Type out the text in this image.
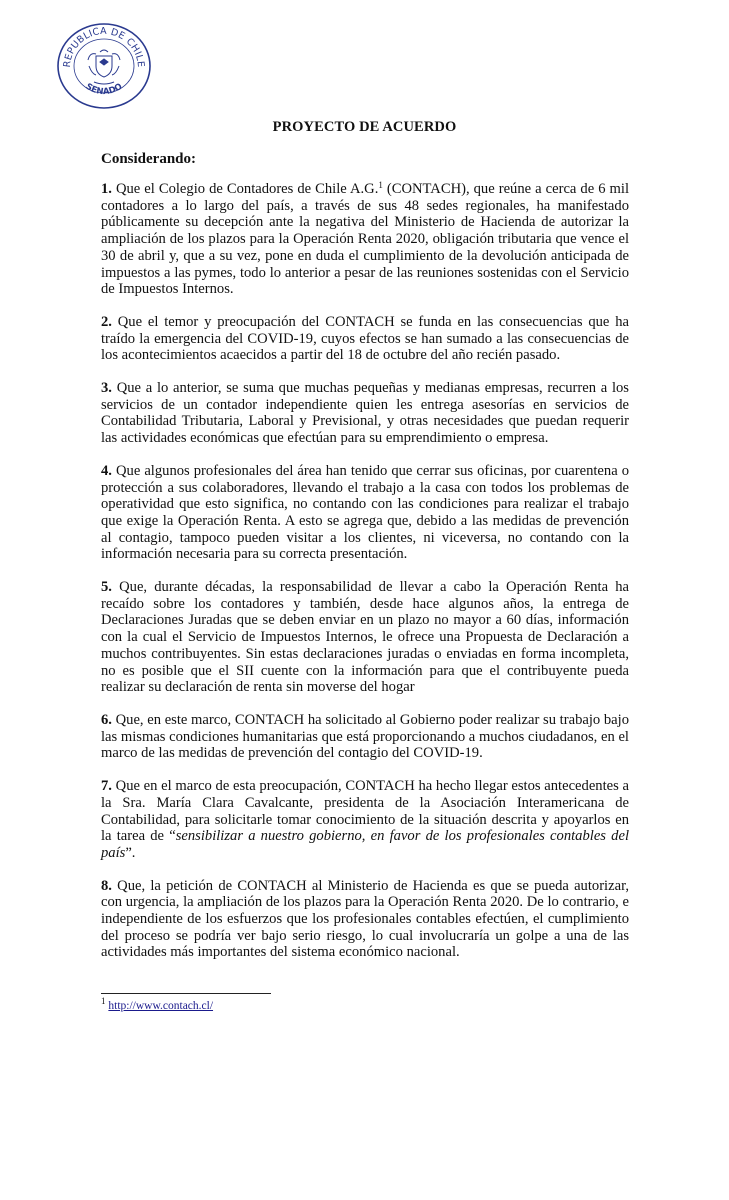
REPUBLICA DE CHILE
SENADO
PROYECTO DE ACUERDO
Considerando:

1. Que el Colegio de Contadores de Chile A.G.$^1$ (CONTACH), que reúne a cerca de 6 mil contadores a lo largo del país, a través de sus 48 sedes regionales, ha manifestado públicamente su decepción ante la negativa del Ministerio de Hacienda de autorizar la ampliación de los plazos para la Operación Renta 2020, obligación tributaria que vence el 30 de abril y, que a su vez, pone en duda el cumplimiento de la devolución anticipada de impuestos a las pymes, todo lo anterior a pesar de las reuniones sostenidas con el Servicio de Impuestos Internos.

2. Que el temor y preocupación del CONTACH se funda en las consecuencias que ha traído la emergencia del COVID-19, cuyos efectos se han sumado a las consecuencias de los acontecimientos acaecidos a partir del 18 de octubre del año recién pasado.

3. Que a lo anterior, se suma que muchas pequeñas y medianas empresas, recurren a los servicios de un contador independiente quien les entrega asesorías en servicios de Contabilidad Tributaria, Laboral y Previsional, y otras necesidades que puedan requerir las actividades económicas que efectúan para su emprendimiento o empresa.

4. Que algunos profesionales del área han tenido que cerrar sus oficinas, por cuarentena o protección a sus colaboradores, llevando el trabajo a la casa con todos los problemas de operatividad que esto significa, no contando con las condiciones para realizar el trabajo que exige la Operación Renta. A esto se agrega que, debido a las medidas de prevención al contagio, tampoco pueden visitar a los clientes, ni viceversa, no contando con la información necesaria para su correcta presentación.

5. Que, durante décadas, la responsabilidad de llevar a cabo la Operación Renta ha recaído sobre los contadores y también, desde hace algunos años, la entrega de Declaraciones Juradas que se deben enviar en un plazo no mayor a 60 días, información con la cual el Servicio de Impuestos Internos, le ofrece una Propuesta de Declaración a muchos contribuyentes. Sin estas declaraciones juradas o enviadas en forma incompleta, no es posible que el SII cuente con la información para que el contribuyente pueda realizar su declaración de renta sin moverse del hogar

6. Que, en este marco, CONTACH ha solicitado al Gobierno poder realizar su trabajo bajo las mismas condiciones humanitarias que está proporcionando a muchos ciudadanos, en el marco de las medidas de prevención del contagio del COVID-19.

7. Que en el marco de esta preocupación, CONTACH ha hecho llegar estos antecedentes a la Sra. María Clara Cavalcante, presidenta de la Asociación Interamericana de Contabilidad, para solicitarle tomar conocimiento de la situación descrita y apoyarlos en la tarea de “sensibilizar a nuestro gobierno, en favor de los profesionales contables del país”.

8. Que, la petición de CONTACH al Ministerio de Hacienda es que se pueda autorizar, con urgencia, la ampliación de los plazos para la Operación Renta 2020. De lo contrario, e independiente de los esfuerzos que los profesionales contables efectúen, el cumplimiento del proceso se podría ver bajo serio riesgo, lo cual involucraría un golpe a una de las actividades más importantes del sistema económico nacional.

$^1$ http://www.contach.cl/
